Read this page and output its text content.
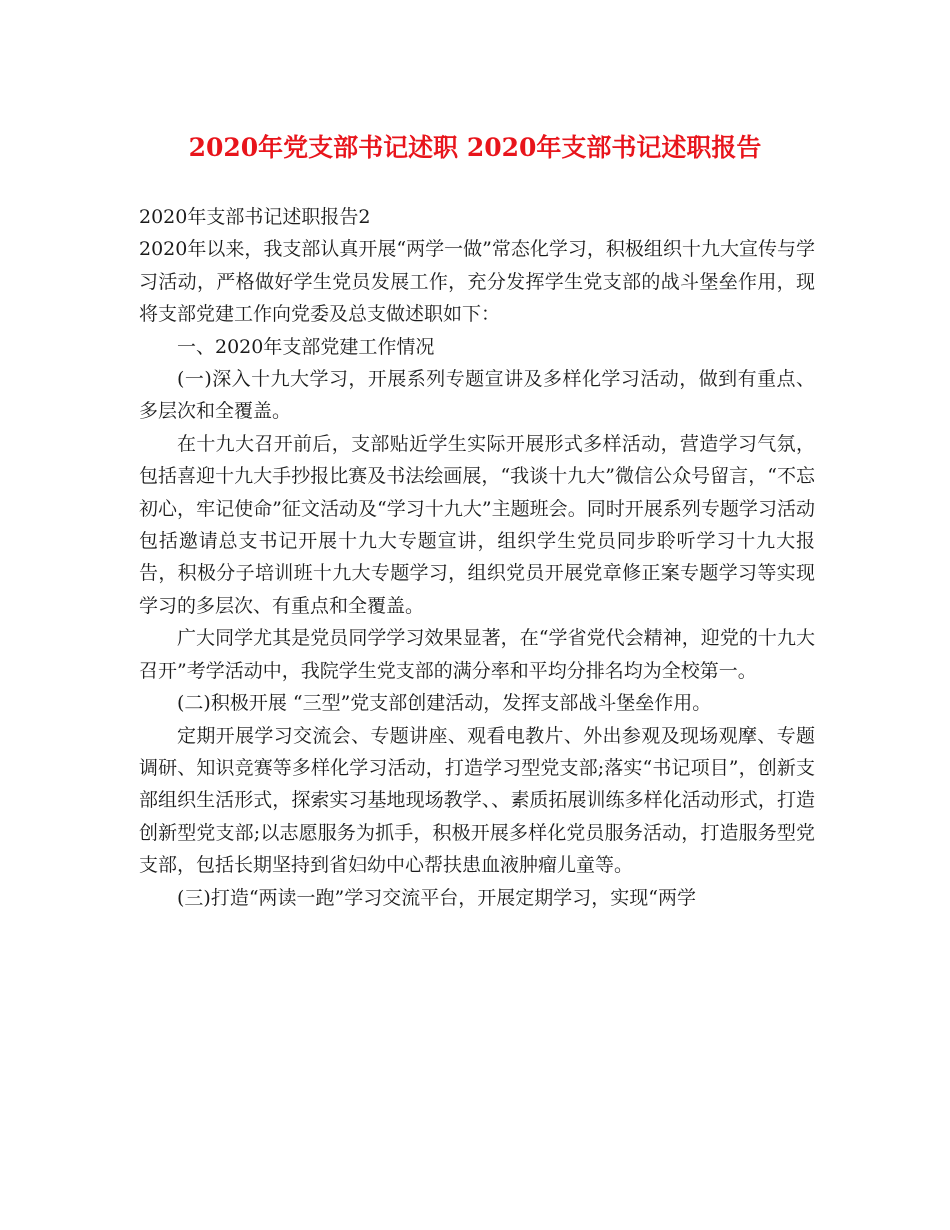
2020年党支部书记述职 2020年支部书记述职报告

2020年支部书记述职报告2

2020年以来，我支部认真开展“两学一做”常态化学习，积极组织十九大宣传与学习活动，严格做好学生党员发展工作，充分发挥学生党支部的战斗堡垒作用，现将支部党建工作向党委及总支做述职如下：

一、2020年支部党建工作情况

(一)深入十九大学习，开展系列专题宣讲及多样化学习活动，做到有重点、多层次和全覆盖。

在十九大召开前后，支部贴近学生实际开展形式多样活动，营造学习气氛，包括喜迎十九大手抄报比赛及书法绘画展，“我谈十九大”微信公众号留言，“不忘初心，牢记使命”征文活动及“学习十九大”主题班会。同时开展系列专题学习活动包括邀请总支书记开展十九大专题宣讲，组织学生党员同步聆听学习十九大报告，积极分子培训班十九大专题学习，组织党员开展党章修正案专题学习等实现学习的多层次、有重点和全覆盖。

广大同学尤其是党员同学学习效果显著，在“学省党代会精神，迎党的十九大召开”考学活动中，我院学生党支部的满分率和平均分排名均为全校第一。

(二)积极开展 “三型”党支部创建活动，发挥支部战斗堡垒作用。

定期开展学习交流会、专题讲座、观看电教片、外出参观及现场观摩、专题调研、知识竞赛等多样化学习活动，打造学习型党支部;落实“书记项目”，创新支部组织生活形式，探索实习基地现场教学、、素质拓展训练多样化活动形式，打造创新型党支部;以志愿服务为抓手，积极开展多样化党员服务活动，打造服务型党支部，包括长期坚持到省妇幼中心帮扶患血液肿瘤儿童等。

(三)打造“两读一跑”学习交流平台，开展定期学习，实现“两学
